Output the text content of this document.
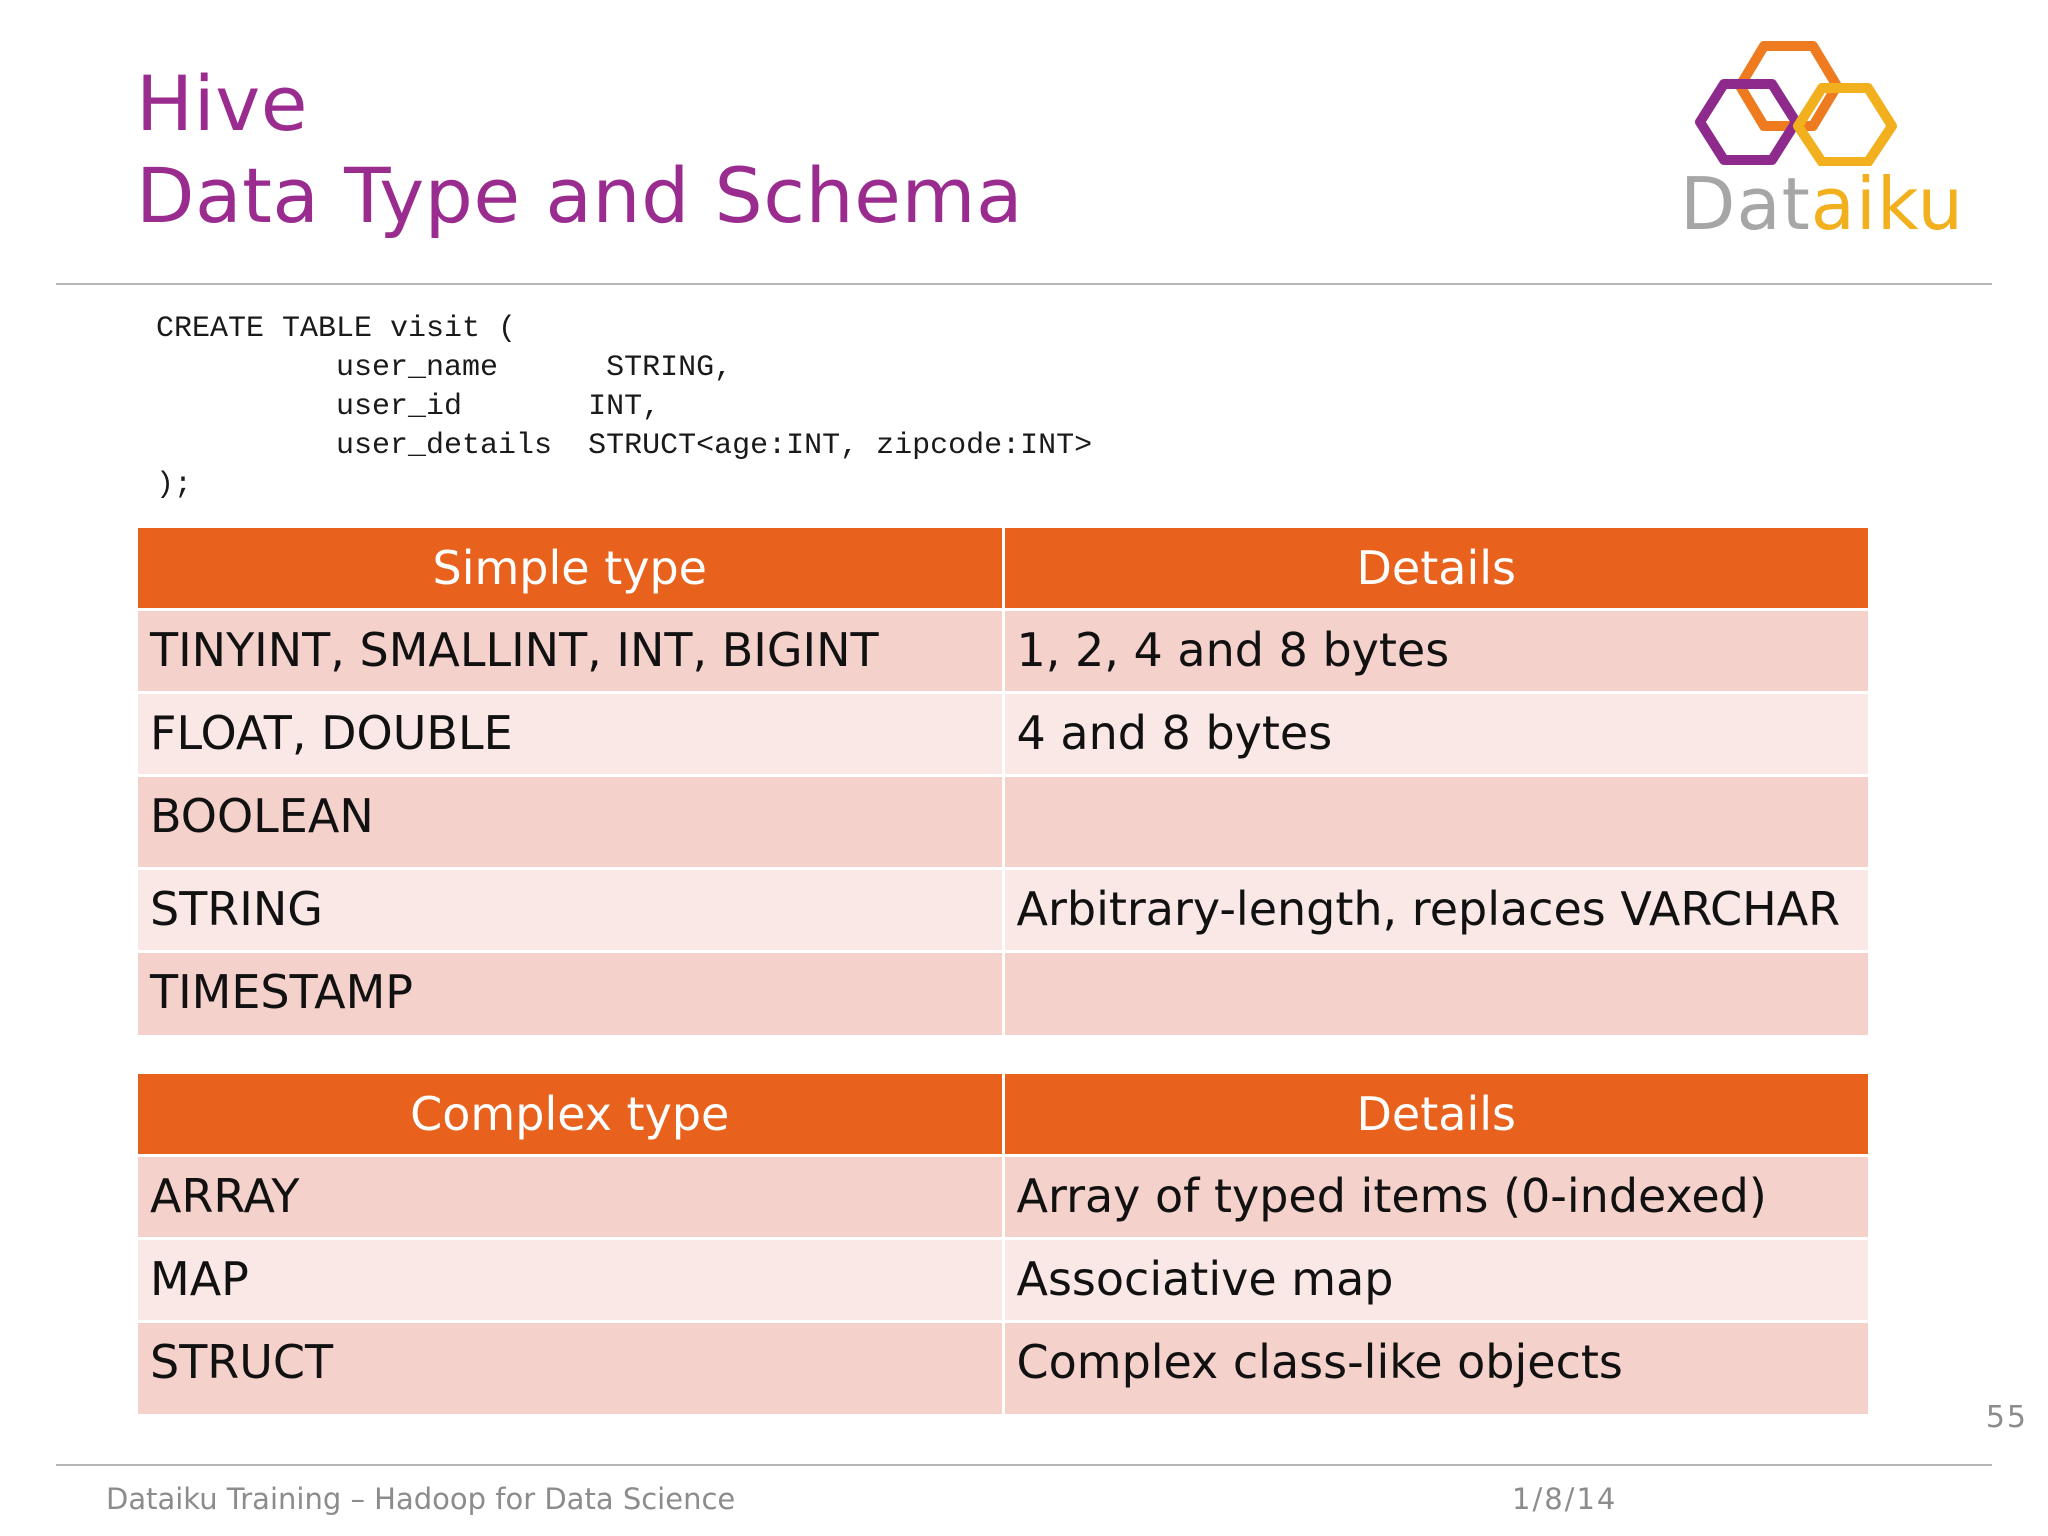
Hive
Data Type and Schema	Dataiku
CREATE TABLE visit (
user_name      STRING,
user_id       INT,
user_details  STRUCT<age:INT, zipcode:INT>
);
Simple type	Details
TINYINT, SMALLINT, INT, BIGINT	1, 2, 4 and 8 bytes
FLOAT, DOUBLE	4 and 8 bytes
BOOLEAN	
STRING	Arbitrary-length, replaces VARCHAR
TIMESTAMP	
Complex type	Details
ARRAY	Array of typed items (0-indexed)
MAP	Associative map
STRUCT	Complex class-like objects
55
Dataiku Training – Hadoop for Data Science	1/8/14
